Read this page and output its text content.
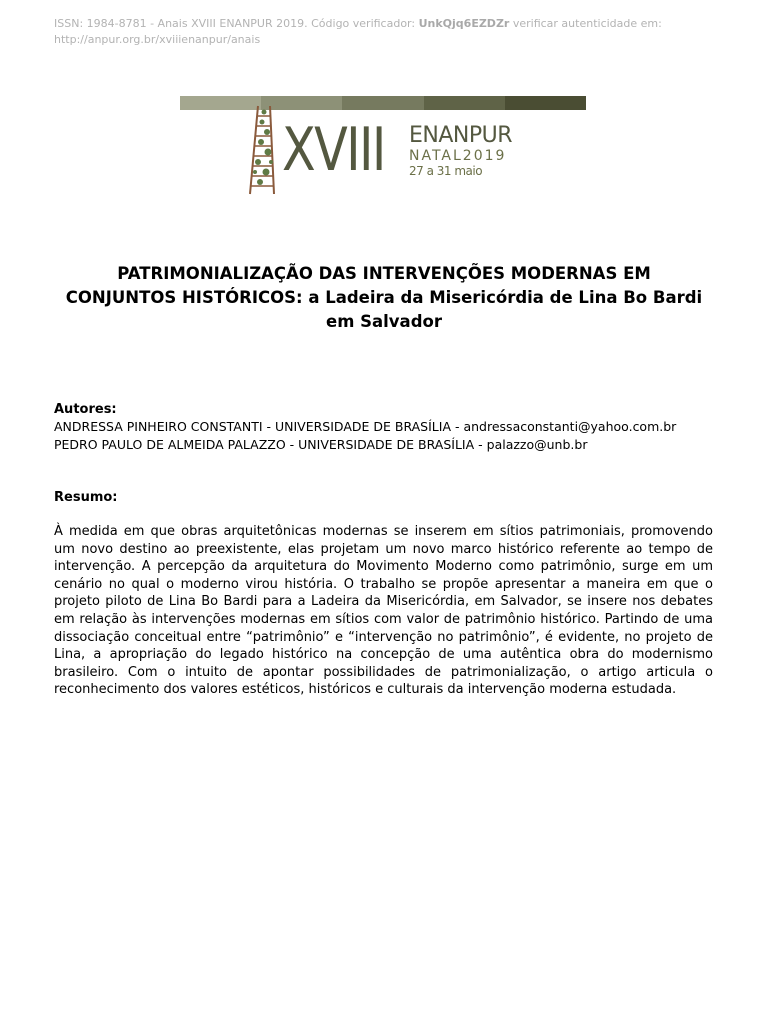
ISSN: 1984-8781 - Anais XVIII ENANPUR 2019. Código verificador: UnkQjq6EZDZr verificar autenticidade em:
http://anpur.org.br/xviiienanpur/anais
XVIII ENANPUR
NATAL2019
27 a 31 maio
PATRIMONIALIZAÇÃO DAS INTERVENÇÕES MODERNAS EM CONJUNTOS HISTÓRICOS: a Ladeira da Misericórdia de Lina Bo Bardi em Salvador
Autores:
ANDRESSA PINHEIRO CONSTANTI - UNIVERSIDADE DE BRASÍLIA - andressaconstanti@yahoo.com.br
PEDRO PAULO DE ALMEIDA PALAZZO - UNIVERSIDADE DE BRASÍLIA - palazzo@unb.br
Resumo:

À medida em que obras arquitetônicas modernas se inserem em sítios patrimoniais, promovendo um novo destino ao preexistente, elas projetam um novo marco histórico referente ao tempo de intervenção. A percepção da arquitetura do Movimento Moderno como patrimônio, surge em um cenário no qual o moderno virou história. O trabalho se propõe apresentar a maneira em que o projeto piloto de Lina Bo Bardi para a Ladeira da Misericórdia, em Salvador, se insere nos debates em relação às intervenções modernas em sítios com valor de patrimônio histórico. Partindo de uma dissociação conceitual entre “patrimônio” e “intervenção no patrimônio”, é evidente, no projeto de Lina, a apropriação do legado histórico na concepção de uma autêntica obra do modernismo brasileiro. Com o intuito de apontar possibilidades de patrimonialização, o artigo articula o reconhecimento dos valores estéticos, históricos e culturais da intervenção moderna estudada.
